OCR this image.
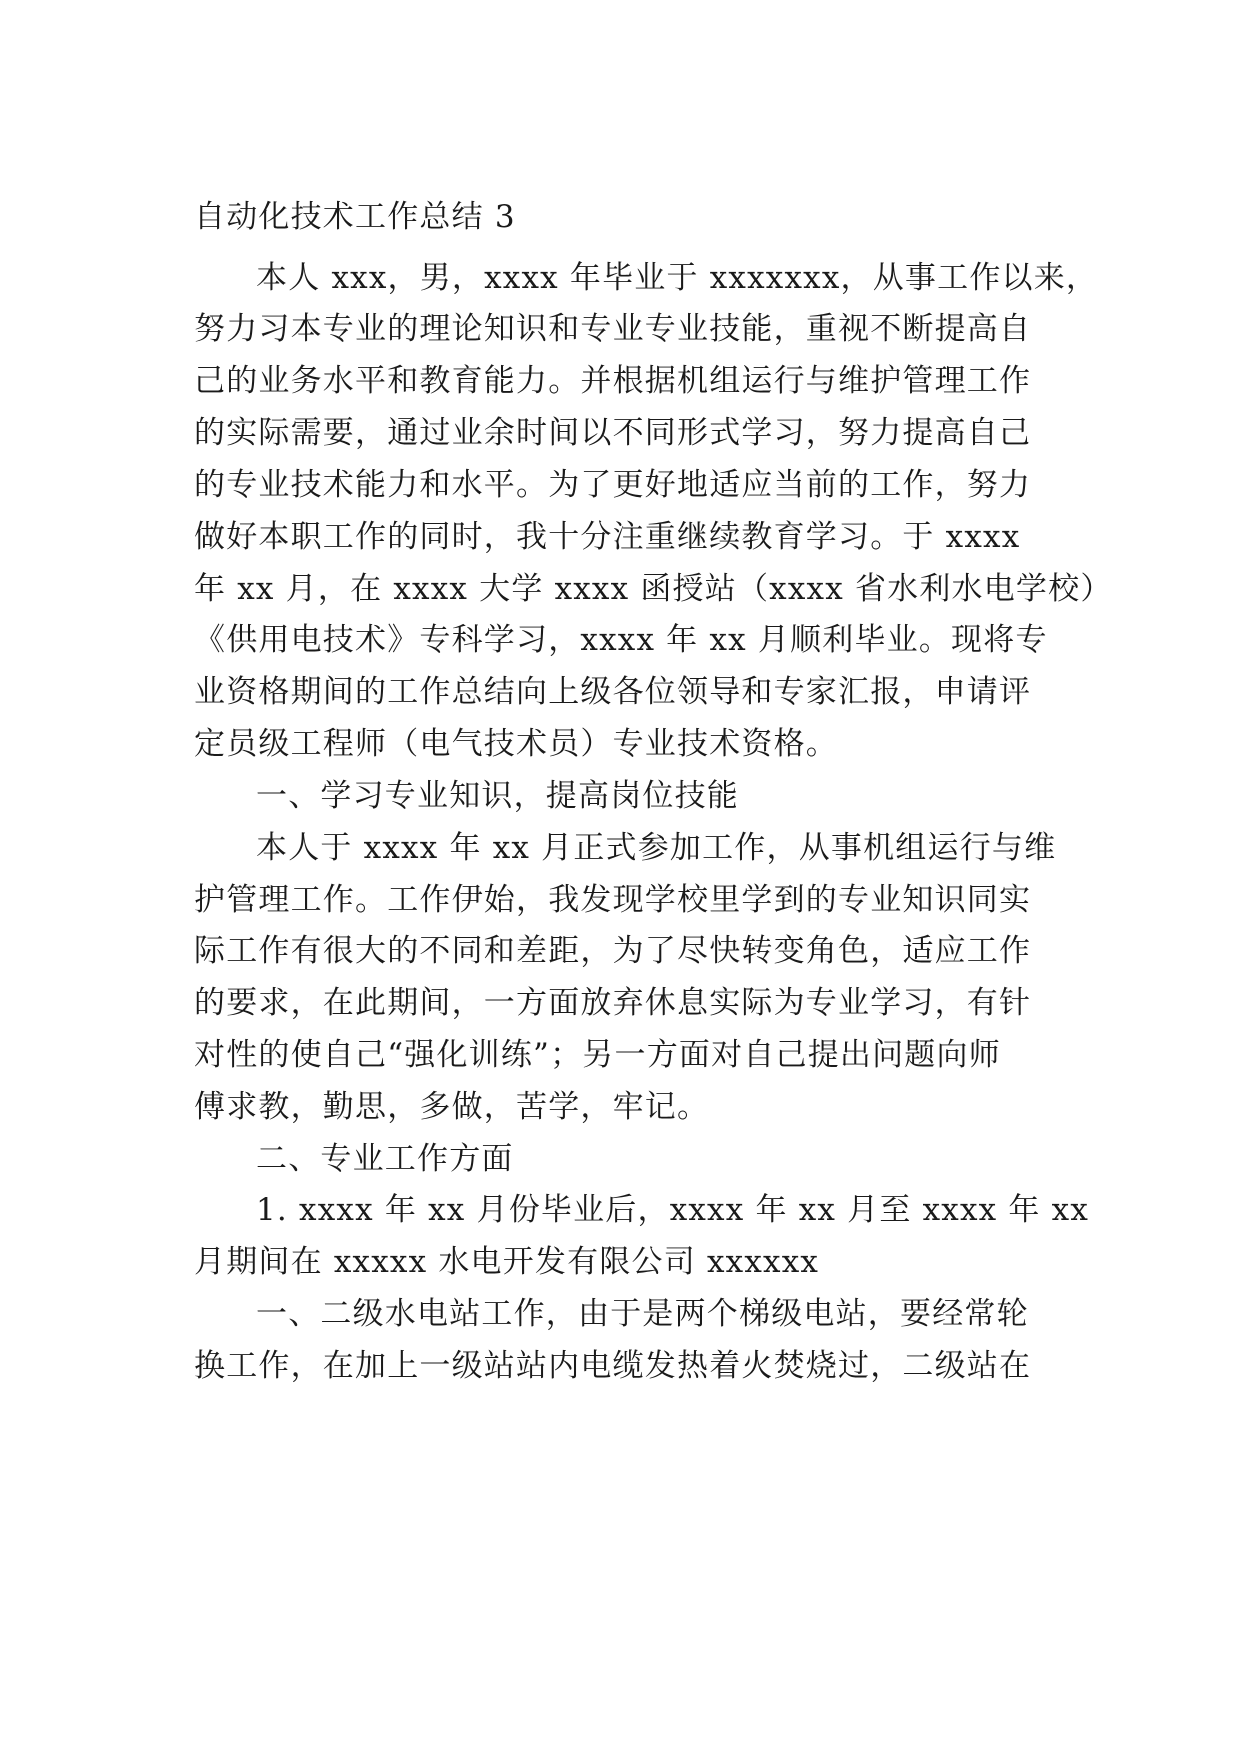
自动化技术工作总结 3
本人 xxx，男，xxxx 年毕业于 xxxxxxx，从事工作以来，
努力习本专业的理论知识和专业专业技能，重视不断提高自
己的业务水平和教育能力。并根据机组运行与维护管理工作
的实际需要，通过业余时间以不同形式学习，努力提高自己
的专业技术能力和水平。为了更好地适应当前的工作，努力
做好本职工作的同时，我十分注重继续教育学习。于 xxxx
年 xx 月，在 xxxx 大学 xxxx 函授站（xxxx 省水利水电学校）
《供用电技术》专科学习，xxxx 年 xx 月顺利毕业。现将专
业资格期间的工作总结向上级各位领导和专家汇报，申请评
定员级工程师（电气技术员）专业技术资格。
一、学习专业知识，提高岗位技能
本人于 xxxx 年 xx 月正式参加工作，从事机组运行与维
护管理工作。工作伊始，我发现学校里学到的专业知识同实
际工作有很大的不同和差距，为了尽快转变角色，适应工作
的要求，在此期间，一方面放弃休息实际为专业学习，有针
对性的使自己“强化训练”；另一方面对自己提出问题向师
傅求教，勤思，多做，苦学，牢记。
二、专业工作方面
1. xxxx 年 xx 月份毕业后，xxxx 年 xx 月至 xxxx 年 xx
月期间在 xxxxx 水电开发有限公司 xxxxxx
一、二级水电站工作，由于是两个梯级电站，要经常轮
换工作，在加上一级站站内电缆发热着火焚烧过，二级站在
